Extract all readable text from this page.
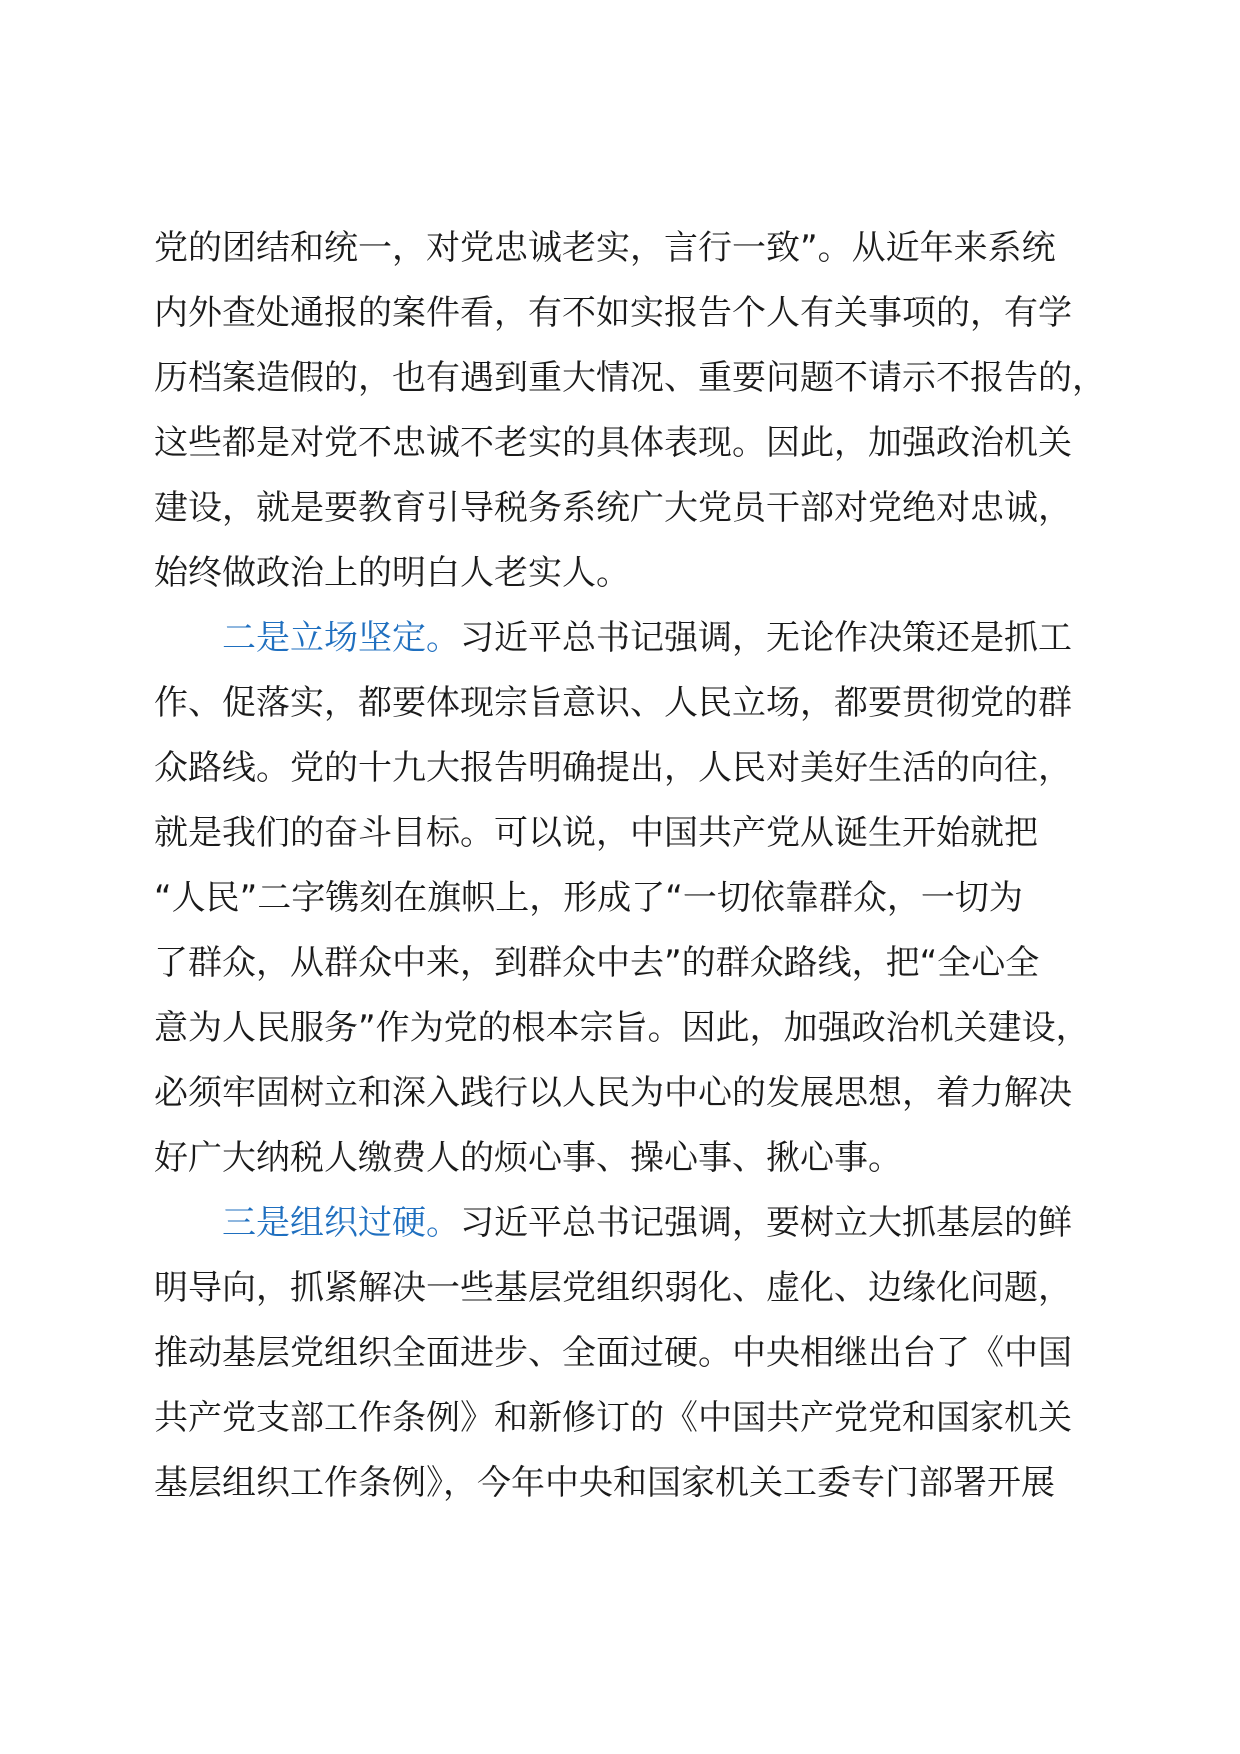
党的团结和统一，对党忠诚老实，言行一致”。从近年来系统
内外查处通报的案件看，有不如实报告个人有关事项的，有学
历档案造假的，也有遇到重大情况、重要问题不请示不报告的，
这些都是对党不忠诚不老实的具体表现。因此，加强政治机关
建设，就是要教育引导税务系统广大党员干部对党绝对忠诚，
始终做政治上的明白人老实人。
二是立场坚定。习近平总书记强调，无论作决策还是抓工
作、促落实，都要体现宗旨意识、人民立场，都要贯彻党的群
众路线。党的十九大报告明确提出，人民对美好生活的向往，
就是我们的奋斗目标。可以说，中国共产党从诞生开始就把
“人民”二字镌刻在旗帜上，形成了“一切依靠群众，一切为
了群众，从群众中来，到群众中去”的群众路线，把“全心全
意为人民服务”作为党的根本宗旨。因此，加强政治机关建设，
必须牢固树立和深入践行以人民为中心的发展思想，着力解决
好广大纳税人缴费人的烦心事、操心事、揪心事。
三是组织过硬。习近平总书记强调，要树立大抓基层的鲜
明导向，抓紧解决一些基层党组织弱化、虚化、边缘化问题，
推动基层党组织全面进步、全面过硬。中央相继出台了《中国
共产党支部工作条例》和新修订的《中国共产党党和国家机关
基层组织工作条例》，今年中央和国家机关工委专门部署开展
